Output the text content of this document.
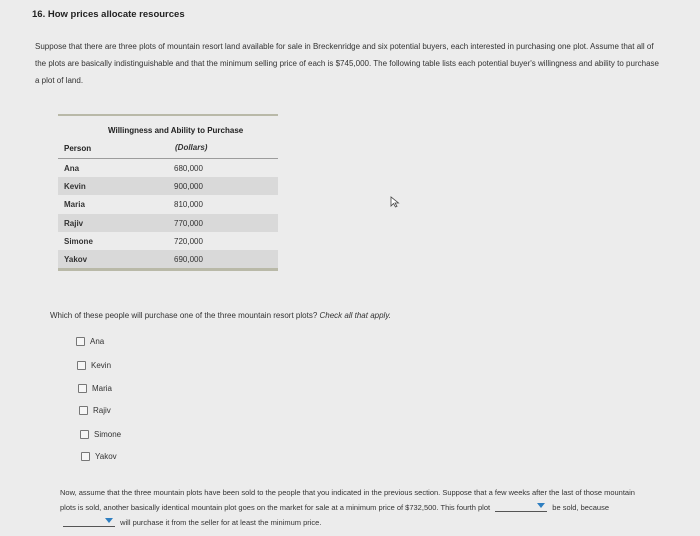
16. How prices allocate resources
Suppose that there are three plots of mountain resort land available for sale in Breckenridge and six potential buyers, each interested in purchasing one plot. Assume that all of the plots are basically indistinguishable and that the minimum selling price of each is $745,000. The following table lists each potential buyer's willingness and ability to purchase a plot of land.
Willingness and Ability to Purchase
Person	(Dollars)
Ana	680,000
Kevin	900,000
Maria	810,000
Rajiv	770,000
Simone	720,000
Yakov	690,000
Which of these people will purchase one of the three mountain resort plots? Check all that apply.
Ana
Kevin
Maria
Rajiv
Simone
Yakov
Now, assume that the three mountain plots have been sold to the people that you indicated in the previous section. Suppose that a few weeks after the last of those mountain plots is sold, another basically identical mountain plot goes on the market for sale at a minimum price of $732,500. This fourth plot	be sold, because
will purchase it from the seller for at least the minimum price.
